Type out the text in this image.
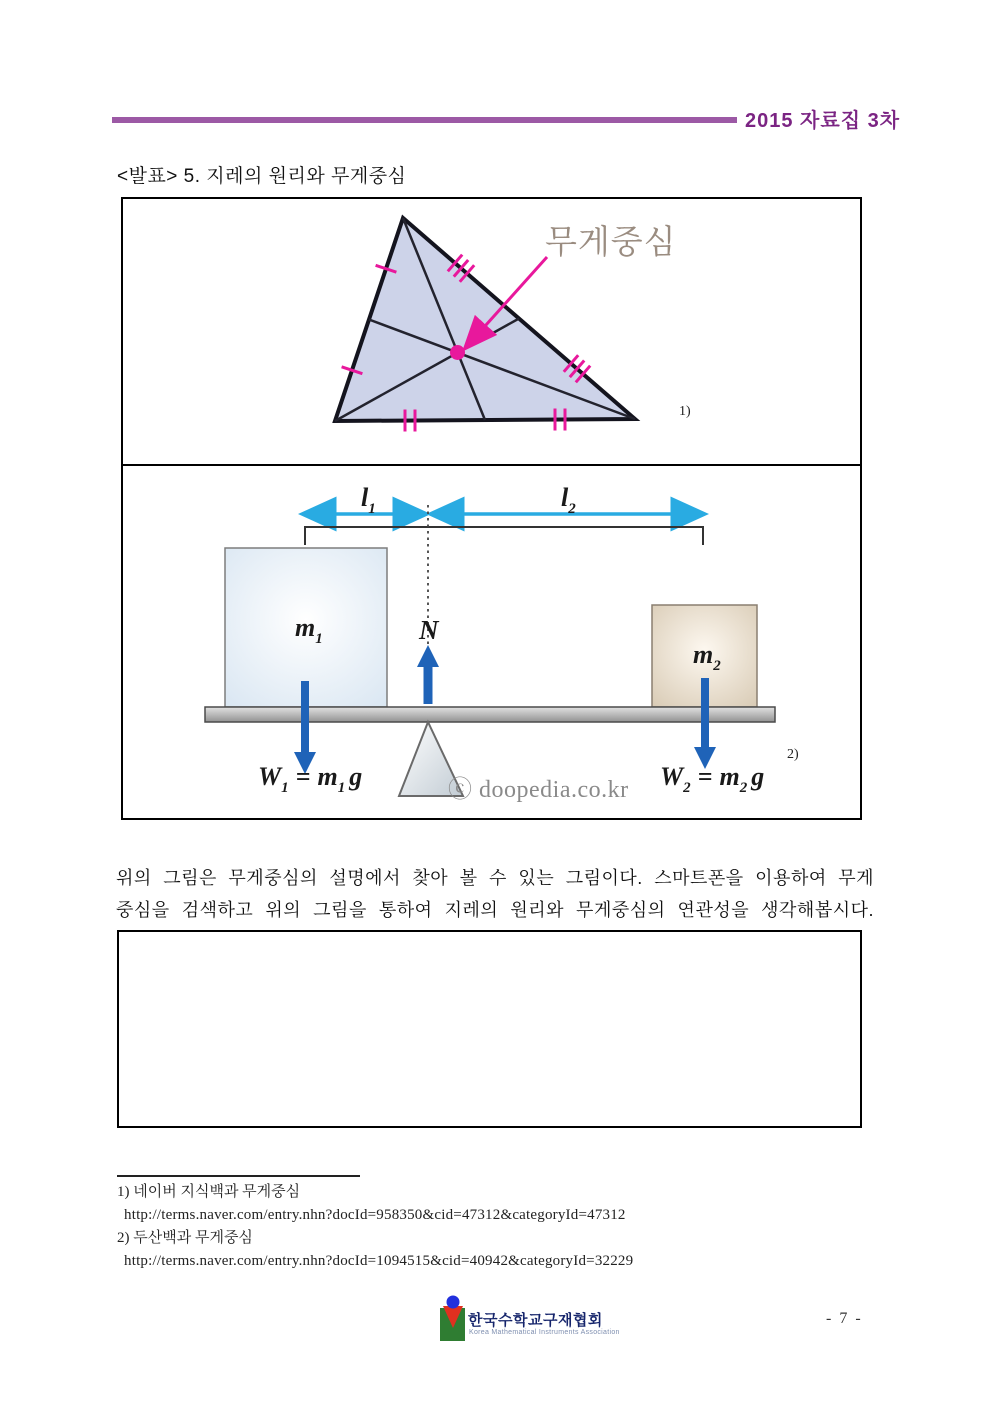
2015 자료집 3차
<발표> 5. 지레의 원리와 무게중심
무게중심
1)
$l_1$	$l_2$
$m_1$
$m_2$
N
$W_1 = m_1$ g	$W_2 = m_2$ g
ⓒ doopedia.co.kr
2)
위의 그림은 무게중심의 설명에서 찾아 볼 수 있는 그림이다. 스마트폰을 이용하여 무게
중심을 검색하고 위의 그림을 통하여 지레의 원리와 무게중심의 연관성을 생각해봅시다.
1) 네이버 지식백과 무게중심
http://terms.naver.com/entry.nhn?docId=958350&cid=47312&categoryId=47312
2) 두산백과 무게중심
http://terms.naver.com/entry.nhn?docId=1094515&cid=40942&categoryId=32229
한국수학교구재협회
Korea Mathematical Instruments Association
- 7 -
